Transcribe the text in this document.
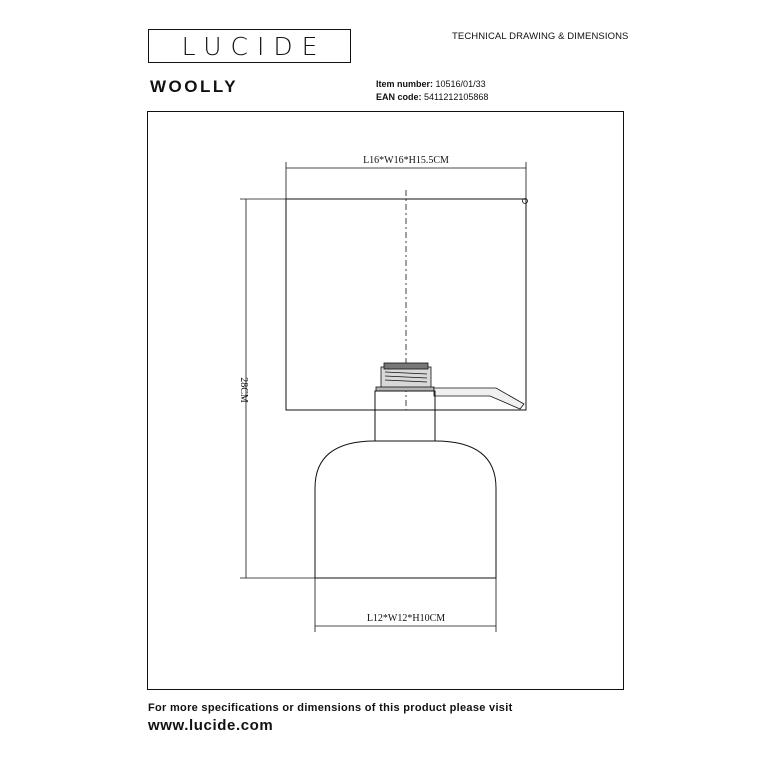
LUCIDE	TECHNICAL DRAWING & DIMENSIONS
WOOLLY	Item number: 10516/01/33
EAN code: 5411212105868
L16*W16*H15.5CM
28CM
L12*W12*H10CM
For more specifications or dimensions of this product please visit
www.lucide.com
